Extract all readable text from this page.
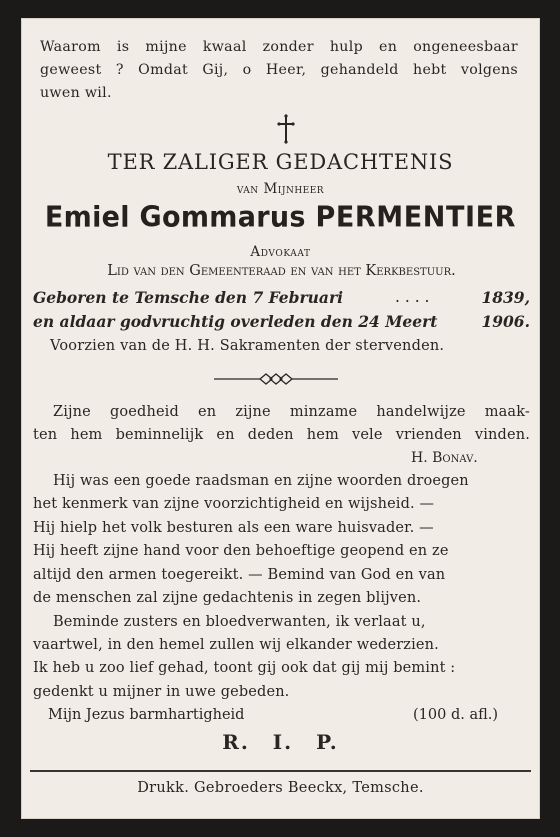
Waarom is mijne kwaal zonder hulp en ongeneesbaar
geweest ? Omdat Gij, o Heer, gehandeld hebt volgens
uwen wil.
TER ZALIGER GEDACHTENIS
van Mijnheer
Emiel Gommarus PERMENTIER
Advokaat
Lid van den Gemeenteraad en van het Kerkbestuur.
Geboren te Temsche den 7 Februari	. . . .	1839,
en aldaar godvruchtig overleden den 24 Meert	1906.
Voorzien van de H. H. Sakramenten der stervenden.
Zijne goedheid en zijne minzame handelwijze maak-
ten hem beminnelijk en deden hem vele vrienden vinden.
H. Bonav.
Hij was een goede raadsman en zijne woorden droegen
het kenmerk van zijne voorzichtigheid en wijsheid. —
Hij hielp het volk besturen als een ware huisvader. —
Hij heeft zijne hand voor den behoeftige geopend en ze
altijd den armen toegereikt. — Bemind van God en van
de menschen zal zijne gedachtenis in zegen blijven.
Beminde zusters en bloedverwanten, ik verlaat u,
vaartwel, in den hemel zullen wij elkander wederzien.
Ik heb u zoo lief gehad, toont gij ook dat gij mij bemint :
gedenkt u mijner in uwe gebeden.
Mijn Jezus barmhartigheid	(100 d. afl.)
R. I. P.
Drukk. Gebroeders Beeckx, Temsche.
